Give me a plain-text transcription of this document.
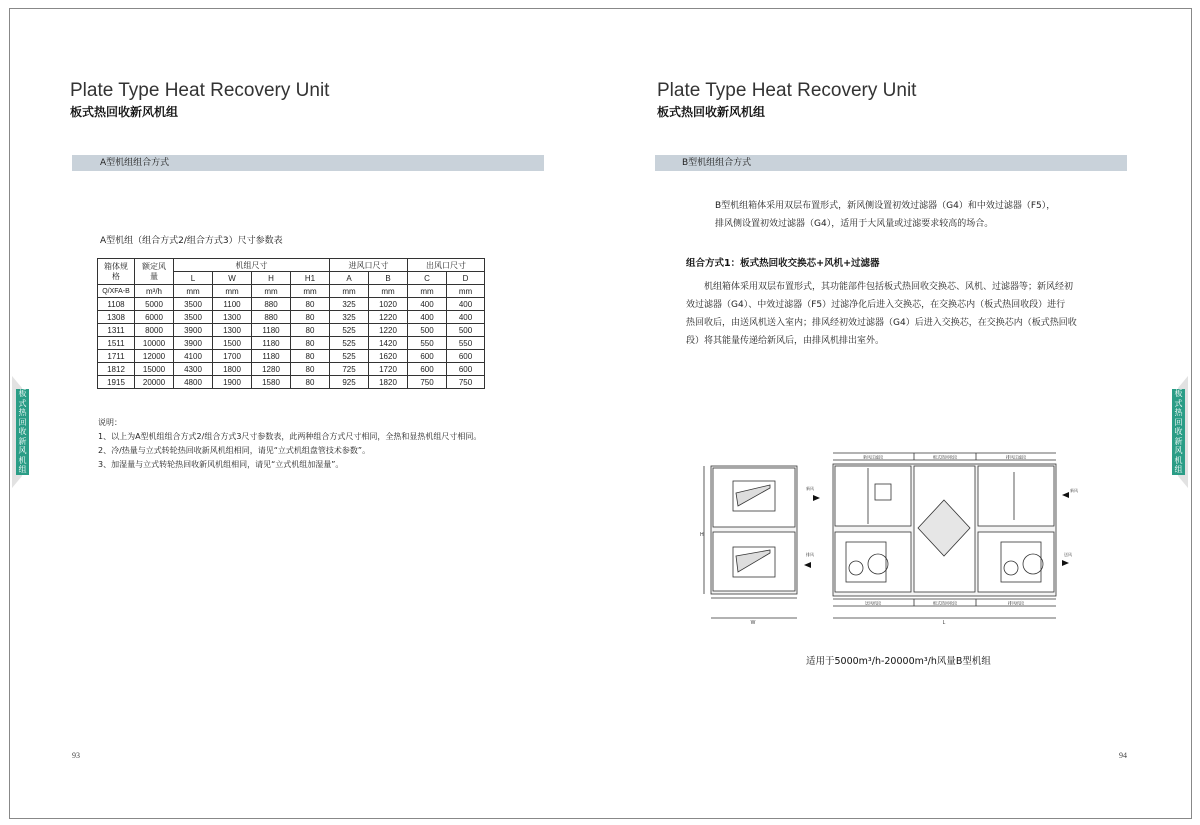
Plate Type Heat Recovery Unit
板式热回收新风机组
A型机组组合方式
A型机组（组合方式2/组合方式3）尺寸参数表
箱体规格	额定风量	机组尺寸				进风口尺寸		出风口尺寸	
		L	W	H	H1	A	B	C	D
Q/XFA-B	m³/h	mm	mm	mm	mm	mm	mm	mm	mm
1108	5000	3500	1100	880	80	325	1020	400	400
1308	6000	3500	1300	880	80	325	1220	400	400
1311	8000	3900	1300	1180	80	525	1220	500	500
1511	10000	3900	1500	1180	80	525	1420	550	550
1711	12000	4100	1700	1180	80	525	1620	600	600
1812	15000	4300	1800	1280	80	725	1720	600	600
1915	20000	4800	1900	1580	80	925	1820	750	750
说明：
1、以上为A型机组组合方式2/组合方式3尺寸参数表，此两种组合方式尺寸相同，全热和显热机组尺寸相同。
2、冷/热量与立式转轮热回收新风机组相同，请见“立式机组盘管技术参数”。
3、加湿量与立式转轮热回收新风机组相同，请见“立式机组加湿量”。
93
板
式
热
回
收
新
风
机
组
Plate Type Heat Recovery Unit
板式热回收新风机组
B型机组组合方式
B型机组箱体采用双层布置形式，新风侧设置初效过滤器（G4）和中效过滤器（F5），
排风侧设置初效过滤器（G4），适用于大风量或过滤要求较高的场合。
组合方式1：板式热回收交换芯+风机+过滤器
机组箱体采用双层布置形式，其功能部件包括板式热回收交换芯、风机、过滤器等；新风经初
效过滤器（G4）、中效过滤器（F5）过滤净化后进入交换芯，在交换芯内（板式热回收段）进行
热回收后，由送风机送入室内；排风经初效过滤器（G4）后进入交换芯，在交换芯内（板式热回收
段）将其能量传递给新风后，由排风机排出室外。
W
H
新风过滤段	板式热回收段	排风过滤段
送风机段	板式热回收段	排风机段
新风
排风
新风
送风
L
适用于5000m³/h-20000m³/h风量B型机组
94
板
式
热
回
收
新
风
机
组
